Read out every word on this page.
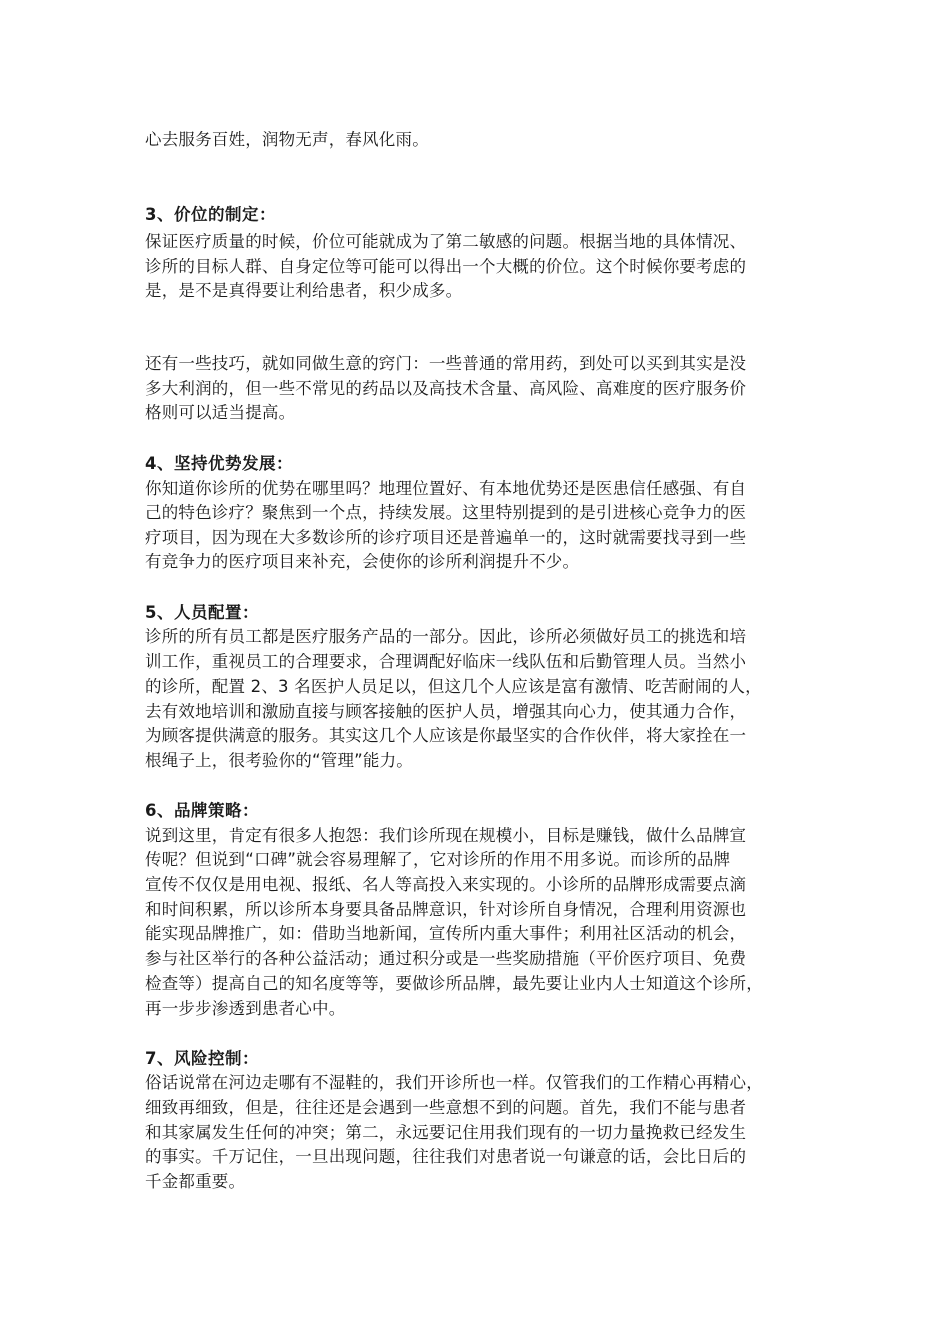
心去服务百姓，润物无声，春风化雨。
3、价位的制定：
保证医疗质量的时候，价位可能就成为了第二敏感的问题。根据当地的具体情况、
诊所的目标人群、自身定位等可能可以得出一个大概的价位。这个时候你要考虑的
是，是不是真得要让利给患者，积少成多。
还有一些技巧，就如同做生意的窍门：一些普通的常用药，到处可以买到其实是没
多大利润的，但一些不常见的药品以及高技术含量、高风险、高难度的医疗服务价
格则可以适当提高。
4、坚持优势发展：
你知道你诊所的优势在哪里吗？地理位置好、有本地优势还是医患信任感强、有自
己的特色诊疗？聚焦到一个点，持续发展。这里特别提到的是引进核心竞争力的医
疗项目，因为现在大多数诊所的诊疗项目还是普遍单一的，这时就需要找寻到一些
有竞争力的医疗项目来补充，会使你的诊所利润提升不少。
5、人员配置：
诊所的所有员工都是医疗服务产品的一部分。因此，诊所必须做好员工的挑选和培
训工作，重视员工的合理要求，合理调配好临床一线队伍和后勤管理人员。当然小
的诊所，配置 2、3 名医护人员足以，但这几个人应该是富有激情、吃苦耐闹的人，
去有效地培训和激励直接与顾客接触的医护人员，增强其向心力，使其通力合作，
为顾客提供满意的服务。其实这几个人应该是你最坚实的合作伙伴，将大家拴在一
根绳子上，很考验你的“管理”能力。
6、品牌策略：
说到这里，肯定有很多人抱怨：我们诊所现在规模小，目标是赚钱，做什么品牌宣
传呢？但说到“口碑”就会容易理解了，它对诊所的作用不用多说。而诊所的品牌
宣传不仅仅是用电视、报纸、名人等高投入来实现的。小诊所的品牌形成需要点滴
和时间积累，所以诊所本身要具备品牌意识，针对诊所自身情况，合理利用资源也
能实现品牌推广，如：借助当地新闻，宣传所内重大事件；利用社区活动的机会，
参与社区举行的各种公益活动；通过积分或是一些奖励措施（平价医疗项目、免费
检查等）提高自己的知名度等等，要做诊所品牌，最先要让业内人士知道这个诊所，
再一步步渗透到患者心中。
7、风险控制：
俗话说常在河边走哪有不湿鞋的，我们开诊所也一样。仅管我们的工作精心再精心，
细致再细致，但是，往往还是会遇到一些意想不到的问题。首先，我们不能与患者
和其家属发生任何的冲突；第二，永远要记住用我们现有的一切力量挽救已经发生
的事实。千万记住，一旦出现问题，往往我们对患者说一句谦意的话，会比日后的
千金都重要。
